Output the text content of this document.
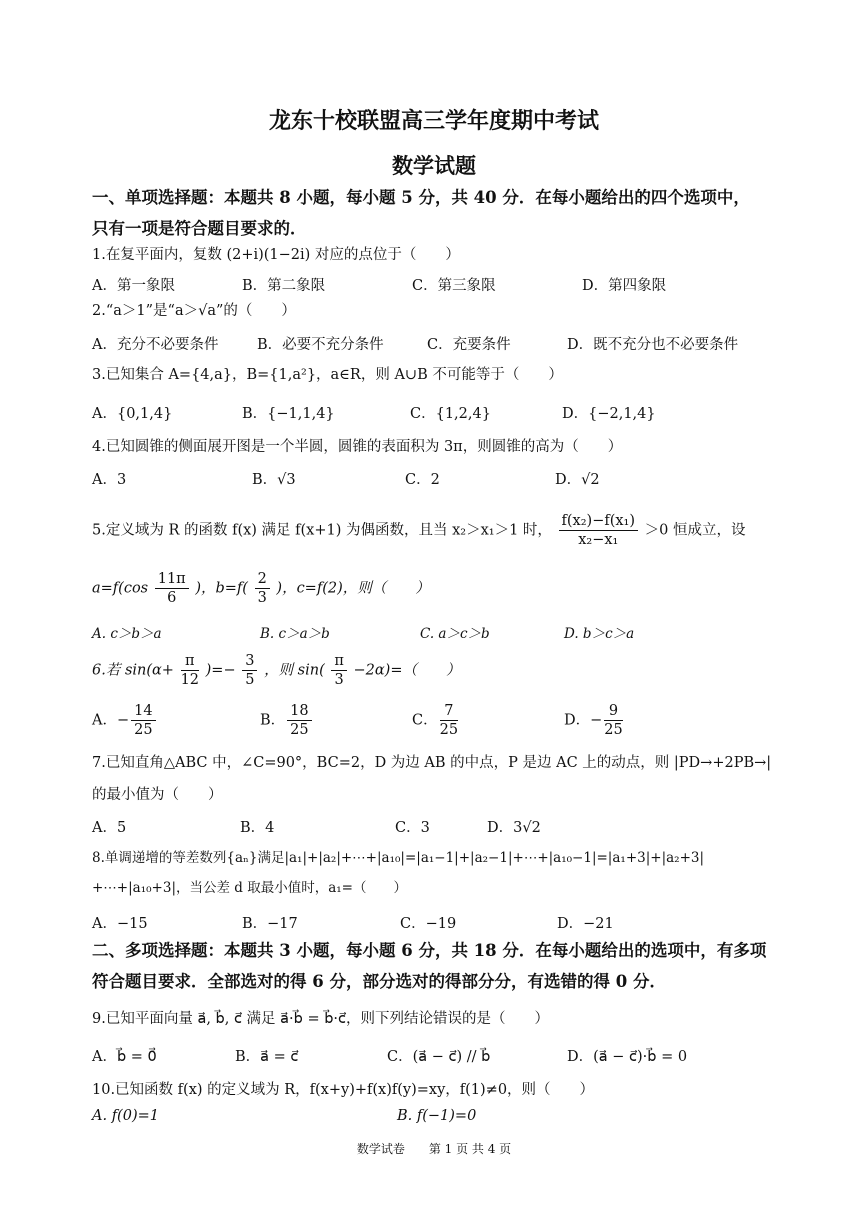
龙东十校联盟高三学年度期中考试
数学试题
一、单项选择题：本题共 8 小题，每小题 5 分，共 40 分．在每小题给出的四个选项中，
只有一项是符合题目要求的．
1.在复平面内，复数 (2+i)(1−2i) 对应的点位于（　　）
A．第一象限	B．第二象限	C．第三象限	D．第四象限
2.“a＞1”是“a＞√a”的（　　）
A．充分不必要条件	B．必要不充分条件	C．充要条件	D．既不充分也不必要条件
3.已知集合 A={4,a}，B={1,a²}，a∈R，则 A∪B 不可能等于（　　）
A．{0,1,4}	B．{−1,1,4}	C．{1,2,4}	D．{−2,1,4}
4.已知圆锥的侧面展开图是一个半圆，圆锥的表面积为 3π，则圆锥的高为（　　）
A．3	B．√3	C．2	D．√2
5.定义域为 R 的函数 f(x) 满足 f(x+1) 为偶函数，且当 x₂＞x₁＞1 时， $\frac{\text{f(x₂)−f(x₁)}}{\text{x₂−x₁}} >0$ 恒成立，设
$a=f(\cos \frac{11\pi}{6}$ )，$b=f( \frac{2}{3}$ )，c=f(2)，则（　　）
A. c＞b＞a	B. c＞a＞b	C. a＞c＞b	D. b＞c＞a
6.若 $\sin(\alpha+ \frac{\pi}{12}$ )=− $\frac{3}{5}$ ，则 $\sin( \frac{\pi}{3} -2\alpha)=$（　　）
A．− $\frac{14}{25}$	B． $\frac{18}{25}$	C． $\frac{7}{25}$	D．− $\frac{9}{25}$
7.已知直角△ABC 中，∠C=90°，BC=2，D 为边 AB 的中点，P 是边 AC 上的动点，则 |PD→+2PB→|
的最小值为（　　）
A．5	B．4	C．3	D．3√2
8.单调递增的等差数列{aₙ}满足|a₁|+|a₂|+⋯+|a₁₀|=|a₁−1|+|a₂−1|+⋯+|a₁₀−1|=|a₁+3|+|a₂+3|
+⋯+|a₁₀+3|，当公差 d 取最小值时，a₁=（　　）
A．−15	B．−17	C．−19	D．−21
二、多项选择题：本题共 3 小题，每小题 6 分，共 18 分．在每小题给出的选项中，有多项
符合题目要求．全部选对的得 6 分，部分选对的得部分分，有选错的得 0 分．
9.已知平面向量 a⃗, b⃗, c⃗ 满足 a⃗·b⃗ = b⃗·c⃗，则下列结论错误的是（　　）
A．b⃗ = 0⃗	B．a⃗ = c⃗	C．(a⃗ − c⃗) // b⃗	D．(a⃗ − c⃗)·b⃗ = 0
10.已知函数 f(x) 的定义域为 R，f(x+y)+f(x)f(y)=xy，f(1)≠0，则（　　）
A. f(0)=1	B. f(−1)=0
数学试卷　　第 1 页 共 4 页
